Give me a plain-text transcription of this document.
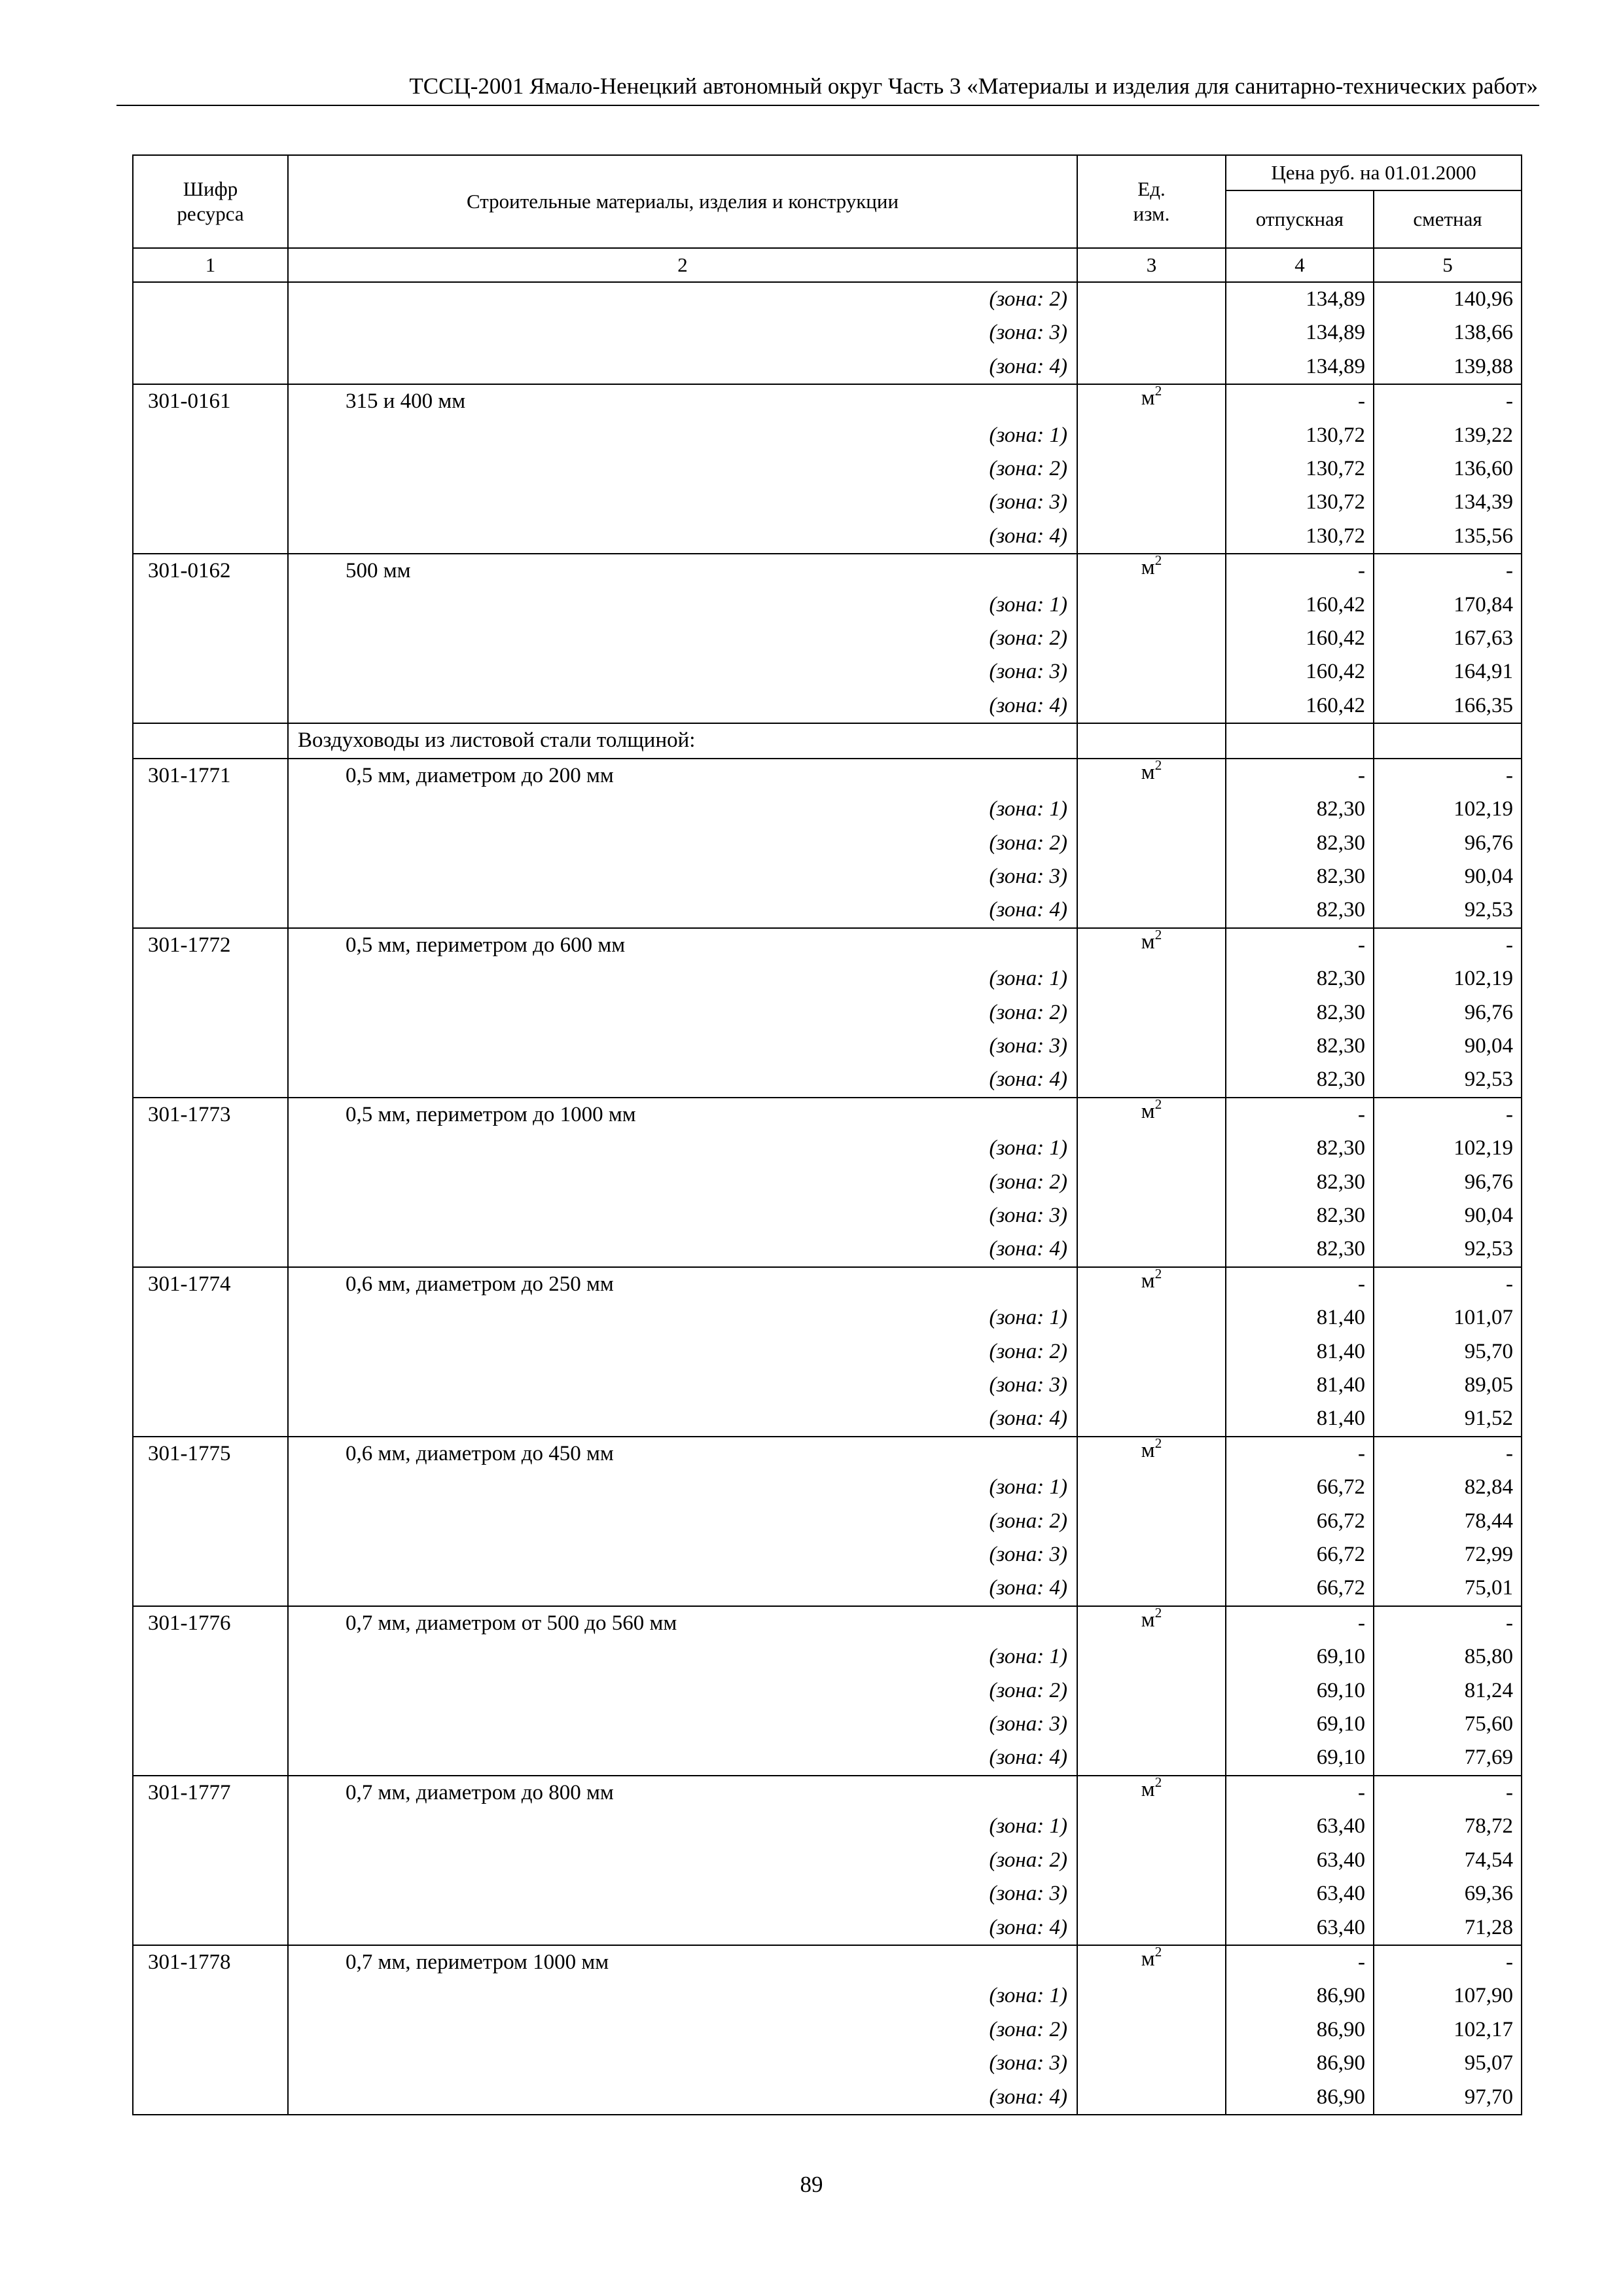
ТССЦ-2001 Ямало-Ненецкий автономный округ Часть 3 «Материалы и изделия для санитарно-технических работ»
Шифр ресурса	Строительные материалы, изделия и конструкции	Ед. изм.	Цена руб. на 01.01.2000	
			отпускная	сметная
1	2	3	4	5
	(зона: 2)		134,89	140,96
	(зона: 3)		134,89	138,66
	(зона: 4)		134,89	139,88
301-0161	315 и 400 мм	$м^2$	-	-
	(зона: 1)		130,72	139,22
	(зона: 2)		130,72	136,60
	(зона: 3)		130,72	134,39
	(зона: 4)		130,72	135,56
301-0162	500 мм	$м^2$	-	-
	(зона: 1)		160,42	170,84
	(зона: 2)		160,42	167,63
	(зона: 3)		160,42	164,91
	(зона: 4)		160,42	166,35
	Воздуховоды из листовой стали толщиной:			
301-1771	0,5 мм, диаметром до 200 мм	$м^2$	-	-
	(зона: 1)		82,30	102,19
	(зона: 2)		82,30	96,76
	(зона: 3)		82,30	90,04
	(зона: 4)		82,30	92,53
301-1772	0,5 мм, периметром до 600 мм	$м^2$	-	-
	(зона: 1)		82,30	102,19
	(зона: 2)		82,30	96,76
	(зона: 3)		82,30	90,04
	(зона: 4)		82,30	92,53
301-1773	0,5 мм, периметром до 1000 мм	$м^2$	-	-
	(зона: 1)		82,30	102,19
	(зона: 2)		82,30	96,76
	(зона: 3)		82,30	90,04
	(зона: 4)		82,30	92,53
301-1774	0,6 мм, диаметром до 250 мм	$м^2$	-	-
	(зона: 1)		81,40	101,07
	(зона: 2)		81,40	95,70
	(зона: 3)		81,40	89,05
	(зона: 4)		81,40	91,52
301-1775	0,6 мм, диаметром до 450 мм	$м^2$	-	-
	(зона: 1)		66,72	82,84
	(зона: 2)		66,72	78,44
	(зона: 3)		66,72	72,99
	(зона: 4)		66,72	75,01
301-1776	0,7 мм, диаметром от 500 до 560 мм	$м^2$	-	-
	(зона: 1)		69,10	85,80
	(зона: 2)		69,10	81,24
	(зона: 3)		69,10	75,60
	(зона: 4)		69,10	77,69
301-1777	0,7 мм, диаметром до 800 мм	$м^2$	-	-
	(зона: 1)		63,40	78,72
	(зона: 2)		63,40	74,54
	(зона: 3)		63,40	69,36
	(зона: 4)		63,40	71,28
301-1778	0,7 мм, периметром 1000 мм	$м^2$	-	-
	(зона: 1)		86,90	107,90
	(зона: 2)		86,90	102,17
	(зона: 3)		86,90	95,07
	(зона: 4)		86,90	97,70
89
